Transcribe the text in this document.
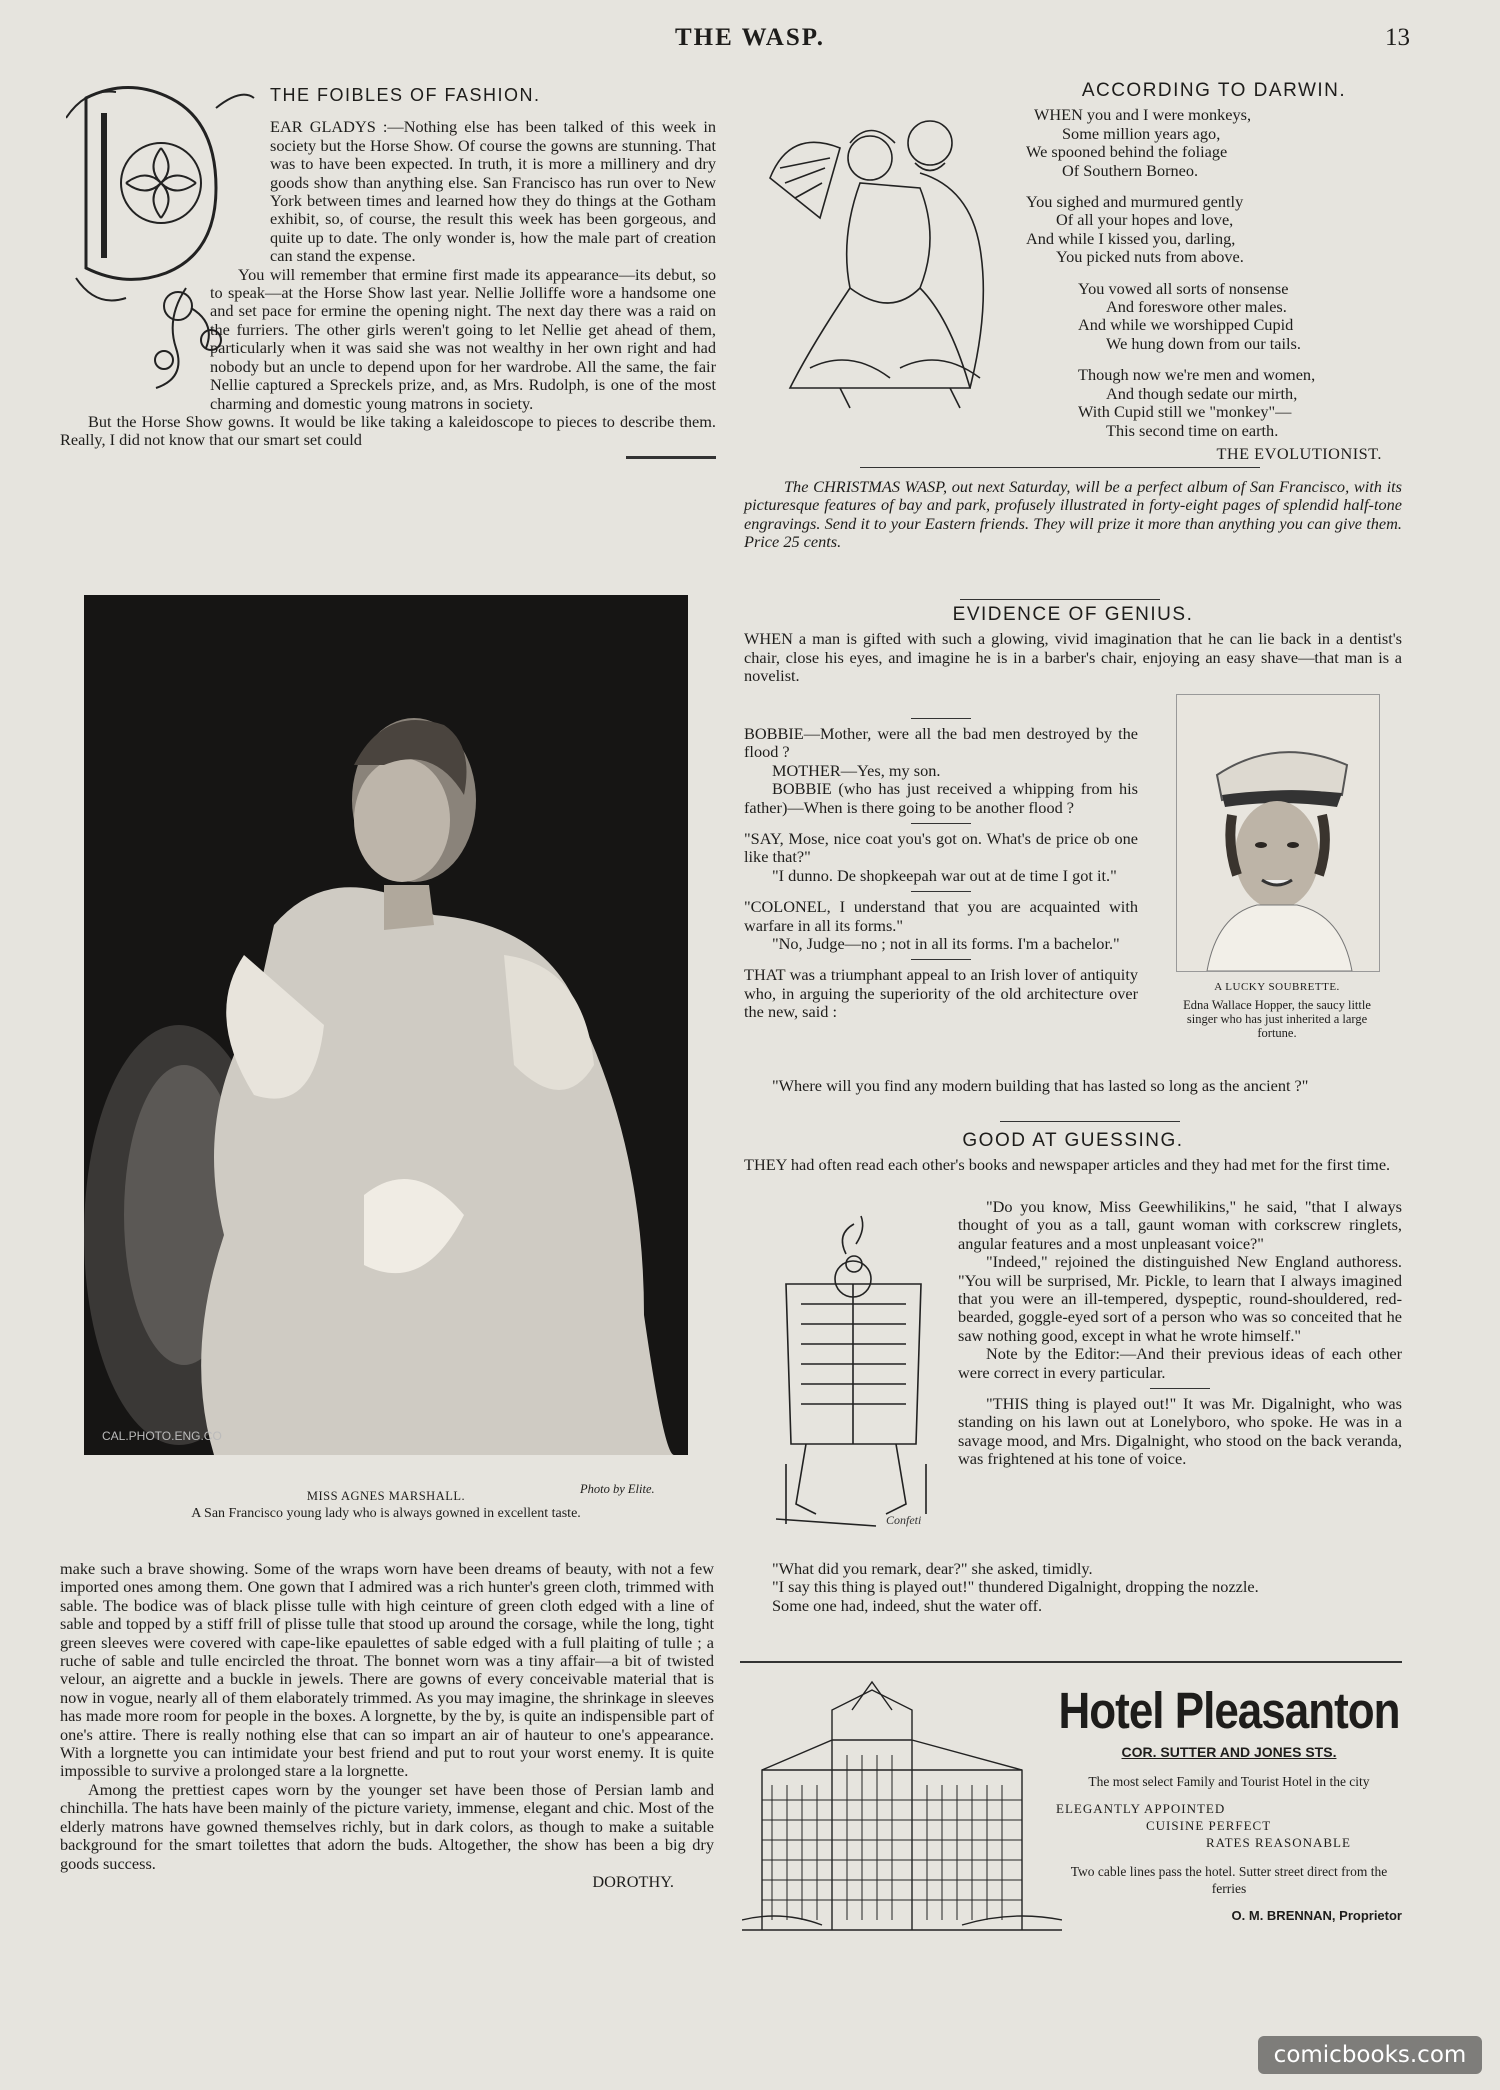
THE WASP.	13
THE FOIBLES OF FASHION.

EAR GLADYS :—Nothing else has been talked of this week in society but the Horse Show. Of course the gowns are stunning. That was to have been expected. In truth, it is more a millinery and dry goods show than anything else. San Francisco has run over to New York between times and learned how they do things at the Gotham exhibit, so, of course, the result this week has been gorgeous, and quite up to date. The only wonder is, how the male part of creation can stand the expense.

You will remember that ermine first made its appearance—its debut, so to speak—at the Horse Show last year. Nellie Jolliffe wore a handsome one and set pace for ermine the opening night. The next day there was a raid on the furriers. The other girls weren't going to let Nellie get ahead of them, particularly when it was said she was not wealthy in her own right and had nobody but an uncle to depend upon for her wardrobe. All the same, the fair Nellie captured a Spreckels prize, and, as Mrs. Rudolph, is one of the most charming and domestic young matrons in society.

But the Horse Show gowns. It would be like taking a kaleidoscope to pieces to describe them. Really, I did not know that our smart set could

CAL.PHOTO.ENG.CO
Photo by Elite.
MISS AGNES MARSHALL.
A San Francisco young lady who is always gowned in excellent taste.

make such a brave showing. Some of the wraps worn have been dreams of beauty, with not a few imported ones among them. One gown that I admired was a rich hunter's green cloth, trimmed with sable. The bodice was of black plisse tulle with high ceinture of green cloth edged with a line of sable and topped by a stiff frill of plisse tulle that stood up around the corsage, while the long, tight green sleeves were covered with cape-like epaulettes of sable edged with a full plaiting of tulle ; a ruche of sable and tulle encircled the throat. The bonnet worn was a tiny affair—a bit of twisted velour, an aigrette and a buckle in jewels. There are gowns of every conceivable material that is now in vogue, nearly all of them elaborately trimmed. As you may imagine, the shrinkage in sleeves has made more room for people in the boxes. A lorgnette, by the by, is quite an indispensible part of one's attire. There is really nothing else that can so impart an air of hauteur to one's appearance. With a lorgnette you can intimidate your best friend and put to rout your worst enemy. It is quite impossible to survive a prolonged stare a la lorgnette.

Among the prettiest capes worn by the younger set have been those of Persian lamb and chinchilla. The hats have been mainly of the picture variety, immense, elegant and chic. Most of the elderly matrons have gowned themselves richly, but in dark colors, as though to make a suitable background for the smart toilettes that adorn the buds. Altogether, the show has been a big dry goods success.

DOROTHY.

ACCORDING TO DARWIN.

WHEN you and I were monkeys,

Some million years ago,

We spooned behind the foliage

Of Southern Borneo.

You sighed and murmured gently

Of all your hopes and love,

And while I kissed you, darling,

You picked nuts from above.

You vowed all sorts of nonsense

And foreswore other males.

And while we worshipped Cupid

We hung down from our tails.

Though now we're men and women,

And though sedate our mirth,

With Cupid still we "monkey"—

This second time on earth.

THE EVOLUTIONIST.

The CHRISTMAS WASP, out next Saturday, will be a perfect album of San Francisco, with its picturesque features of bay and park, profusely illustrated in forty-eight pages of splendid half-tone engravings. Send it to your Eastern friends. They will prize it more than anything you can give them. Price 25 cents.
EVIDENCE OF GENIUS.

WHEN a man is gifted with such a glowing, vivid imagination that he can lie back in a dentist's chair, close his eyes, and imagine he is in a barber's chair, enjoying an easy shave—that man is a novelist.

BOBBIE—Mother, were all the bad men destroyed by the flood ?

MOTHER—Yes, my son.

BOBBIE (who has just received a whipping from his father)—When is there going to be another flood ?

"SAY, Mose, nice coat you's got on. What's de price ob one like that?"

"I dunno. De shopkeepah war out at de time I got it."

"COLONEL, I understand that you are acquainted with warfare in all its forms."

"No, Judge—no ; not in all its forms. I'm a bachelor."

THAT was a triumphant appeal to an Irish lover of antiquity who, in arguing the superiority of the old architecture over the new, said :

"Where will you find any modern building that has lasted so long as the ancient ?"
A LUCKY SOUBRETTE.
Edna Wallace Hopper, the saucy little singer who has just inherited a large fortune.
GOOD AT GUESSING.

THEY had often read each other's books and newspaper articles and they had met for the first time.

Confeti

"Do you know, Miss Geewhilikins," he said, "that I always thought of you as a tall, gaunt woman with corkscrew ringlets, angular features and a most unpleasant voice?"

"Indeed," rejoined the distinguished New England authoress. "You will be surprised, Mr. Pickle, to learn that I always imagined that you were an ill-tempered, dyspeptic, round-shouldered, red-bearded, goggle-eyed sort of a person who was so conceited that he saw nothing good, except in what he wrote himself."

Note by the Editor:—And their previous ideas of each other were correct in every particular.

"THIS thing is played out!" It was Mr. Digalnight, who was standing on his lawn out at Lonelyboro, who spoke. He was in a savage mood, and Mrs. Digalnight, who stood on the back veranda, was frightened at his tone of voice.

"What did you remark, dear?" she asked, timidly.

"I say this thing is played out!" thundered Digalnight, dropping the nozzle.

Some one had, indeed, shut the water off.

Hotel Pleasanton
COR. SUTTER AND JONES STS.
The most select Family and Tourist Hotel in the city
ELEGANTLY APPOINTED
CUISINE PERFECT
RATES REASONABLE
Two cable lines pass the hotel. Sutter street direct from the ferries
O. M. BRENNAN, Proprietor
comicbooks.com
